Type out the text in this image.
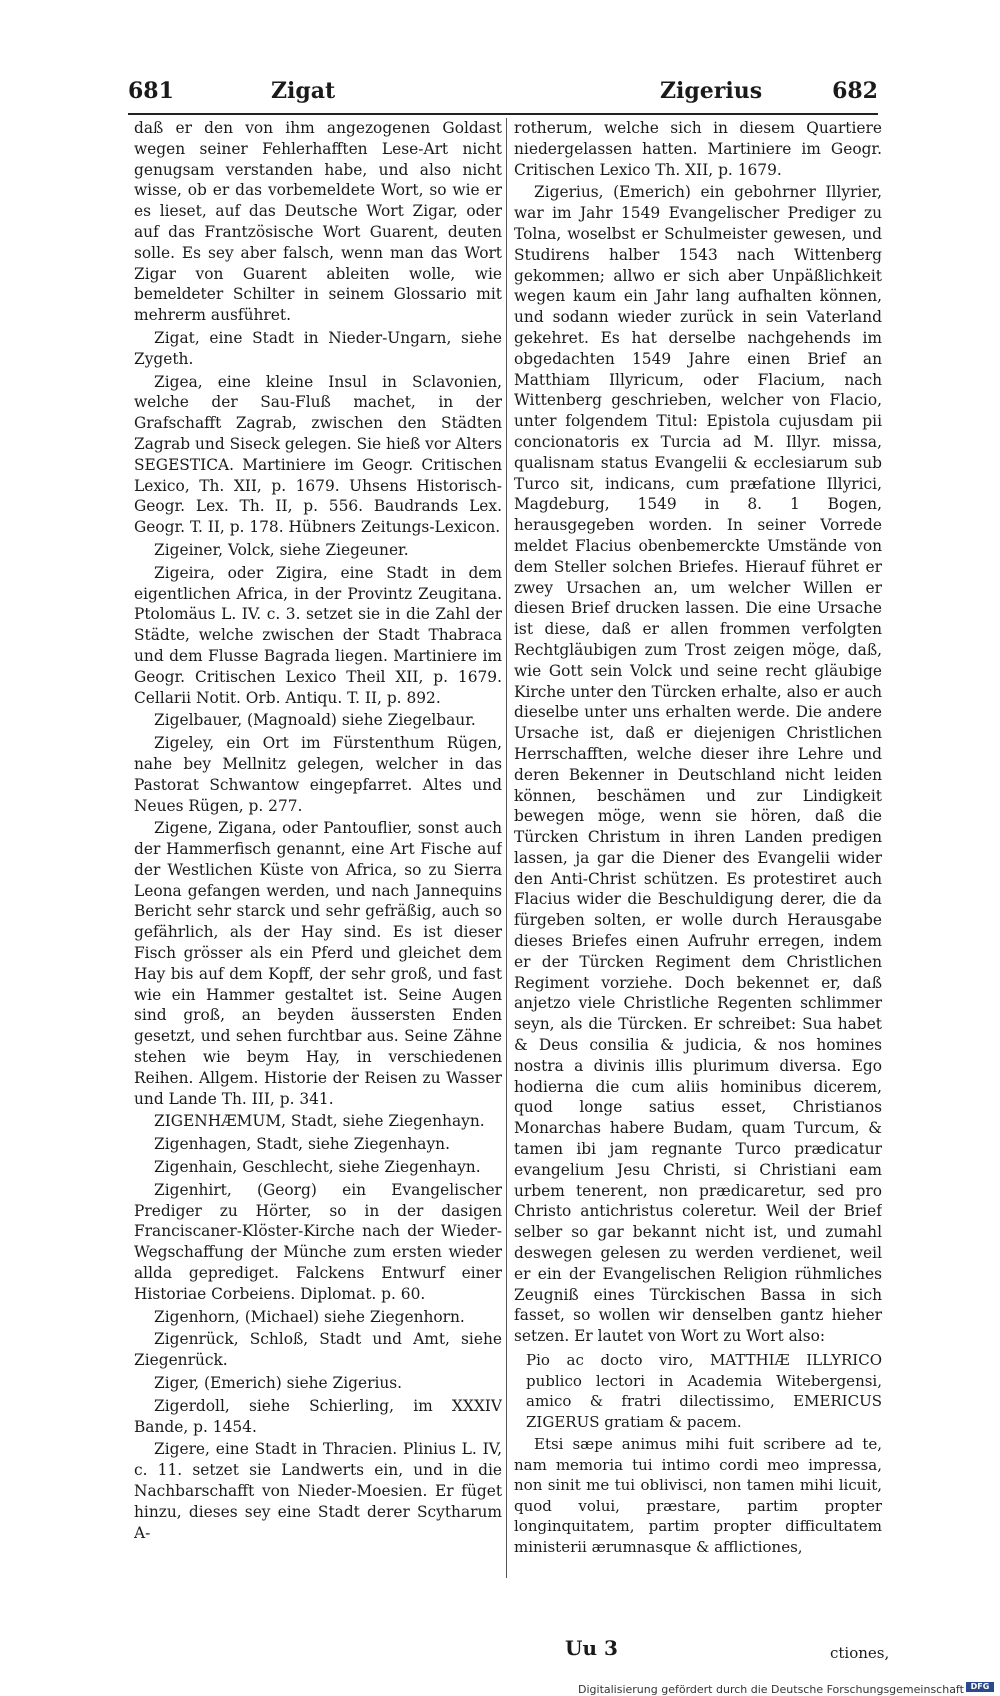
681	Zigat	Zigerius	682

daß er den von ihm angezogenen Goldast wegen seiner Fehlerhafften Lese-Art nicht genugsam verstanden habe, und also nicht wisse, ob er das vorbemeldete Wort, so wie er es lieset, auf das Deutsche Wort Zigar, oder auf das Frantzösische Wort Guarent, deuten solle. Es sey aber falsch, wenn man das Wort Zigar von Guarent ableiten wolle, wie bemeldeter Schilter in seinem Glossario mit mehrerm ausführet.

Zigat, eine Stadt in Nieder-Ungarn, siehe Zygeth.

Zigea, eine kleine Insul in Sclavonien, welche der Sau-Fluß machet, in der Grafschafft Zagrab, zwischen den Städten Zagrab und Siseck gelegen. Sie hieß vor Alters SEGESTICA. Martiniere im Geogr. Critischen Lexico, Th. XII, p. 1679. Uhsens Historisch-Geogr. Lex. Th. II, p. 556. Baudrands Lex. Geogr. T. II, p. 178. Hübners Zeitungs-Lexicon.

Zigeiner, Volck, siehe Ziegeuner.

Zigeira, oder Zigira, eine Stadt in dem eigentlichen Africa, in der Provintz Zeugitana. Ptolomäus L. IV. c. 3. setzet sie in die Zahl der Städte, welche zwischen der Stadt Thabraca und dem Flusse Bagrada liegen. Martiniere im Geogr. Critischen Lexico Theil XII, p. 1679. Cellarii Notit. Orb. Antiqu. T. II, p. 892.

Zigelbauer, (Magnoald) siehe Ziegelbaur.

Zigeley, ein Ort im Fürstenthum Rügen, nahe bey Mellnitz gelegen, welcher in das Pastorat Schwantow eingepfarret. Altes und Neues Rügen, p. 277.

Zigene, Zigana, oder Pantouflier, sonst auch der Hammerfisch genannt, eine Art Fische auf der Westlichen Küste von Africa, so zu Sierra Leona gefangen werden, und nach Jannequins Bericht sehr starck und sehr gefräßig, auch so gefährlich, als der Hay sind. Es ist dieser Fisch grösser als ein Pferd und gleichet dem Hay bis auf dem Kopff, der sehr groß, und fast wie ein Hammer gestaltet ist. Seine Augen sind groß, an beyden äussersten Enden gesetzt, und sehen furchtbar aus. Seine Zähne stehen wie beym Hay, in verschiedenen Reihen. Allgem. Historie der Reisen zu Wasser und Lande Th. III, p. 341.

ZIGENHÆMUM, Stadt, siehe Ziegenhayn.

Zigenhagen, Stadt, siehe Ziegenhayn.

Zigenhain, Geschlecht, siehe Ziegenhayn.

Zigenhirt, (Georg) ein Evangelischer Prediger zu Hörter, so in der dasigen Franciscaner-Klöster-Kirche nach der Wieder-Wegschaffung der Münche zum ersten wieder allda geprediget. Falckens Entwurf einer Historiae Corbeiens. Diplomat. p. 60.

Zigenhorn, (Michael) siehe Ziegenhorn.

Zigenrück, Schloß, Stadt und Amt, siehe Ziegenrück.

Ziger, (Emerich) siehe Zigerius.

Zigerdoll, siehe Schierling, im XXXIV Bande, p. 1454.

Zigere, eine Stadt in Thracien. Plinius L. IV, c. 11. setzet sie Landwerts ein, und in die Nachbarschafft von Nieder-Moesien. Er füget hinzu, dieses sey eine Stadt derer Scytharum A-

rotherum, welche sich in diesem Quartiere niedergelassen hatten. Martiniere im Geogr. Critischen Lexico Th. XII, p. 1679.

Zigerius, (Emerich) ein gebohrner Illyrier, war im Jahr 1549 Evangelischer Prediger zu Tolna, woselbst er Schulmeister gewesen, und Studirens halber 1543 nach Wittenberg gekommen; allwo er sich aber Unpäßlichkeit wegen kaum ein Jahr lang aufhalten können, und sodann wieder zurück in sein Vaterland gekehret. Es hat derselbe nachgehends im obgedachten 1549 Jahre einen Brief an Matthiam Illyricum, oder Flacium, nach Wittenberg geschrieben, welcher von Flacio, unter folgendem Titul: Epistola cujusdam pii concionatoris ex Turcia ad M. Illyr. missa, qualisnam status Evangelii & ecclesiarum sub Turco sit, indicans, cum præfatione Illyrici, Magdeburg, 1549 in 8. 1 Bogen, herausgegeben worden. In seiner Vorrede meldet Flacius obenbemerckte Umstände von dem Steller solchen Briefes. Hierauf führet er zwey Ursachen an, um welcher Willen er diesen Brief drucken lassen. Die eine Ursache ist diese, daß er allen frommen verfolgten Rechtgläubigen zum Trost zeigen möge, daß, wie Gott sein Volck und seine recht gläubige Kirche unter den Türcken erhalte, also er auch dieselbe unter uns erhalten werde. Die andere Ursache ist, daß er diejenigen Christlichen Herrschafften, welche dieser ihre Lehre und deren Bekenner in Deutschland nicht leiden können, beschämen und zur Lindigkeit bewegen möge, wenn sie hören, daß die Türcken Christum in ihren Landen predigen lassen, ja gar die Diener des Evangelii wider den Anti-Christ schützen. Es protestiret auch Flacius wider die Beschuldigung derer, die da fürgeben solten, er wolle durch Herausgabe dieses Briefes einen Aufruhr erregen, indem er der Türcken Regiment dem Christlichen Regiment vorziehe. Doch bekennet er, daß anjetzo viele Christliche Regenten schlimmer seyn, als die Türcken. Er schreibet: Sua habet & Deus consilia & judicia, & nos homines nostra a divinis illis plurimum diversa. Ego hodierna die cum aliis hominibus dicerem, quod longe satius esset, Christianos Monarchas habere Budam, quam Turcum, & tamen ibi jam regnante Turco prædicatur evangelium Jesu Christi, si Christiani eam urbem tenerent, non prædicaretur, sed pro Christo antichristus coleretur. Weil der Brief selber so gar bekannt nicht ist, und zumahl deswegen gelesen zu werden verdienet, weil er ein der Evangelischen Religion rühmliches Zeugniß eines Türckischen Bassa in sich fasset, so wollen wir denselben gantz hieher setzen. Er lautet von Wort zu Wort also:

Pio ac docto viro, MATTHIÆ ILLYRICO publico lectori in Academia Witebergensi, amico & fratri dilectissimo, EMERICUS ZIGERUS gratiam & pacem.

Etsi sæpe animus mihi fuit scribere ad te, nam memoria tui intimo cordi meo impressa, non sinit me tui oblivisci, non tamen mihi licuit, quod volui, præstare, partim propter longinquitatem, partim propter difficultatem ministerii ærumnasque & afflictiones,

Uu 3	ctiones,
Digitalisierung gefördert durch die Deutsche Forschungsgemeinschaft DFG
